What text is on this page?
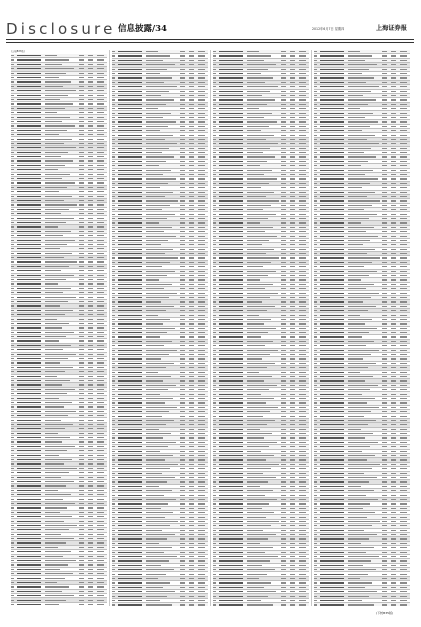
Disclosure 信息披露/34	2012年6月7日 星期四	上海证券报
(上接B33版)
(下转B35版)
